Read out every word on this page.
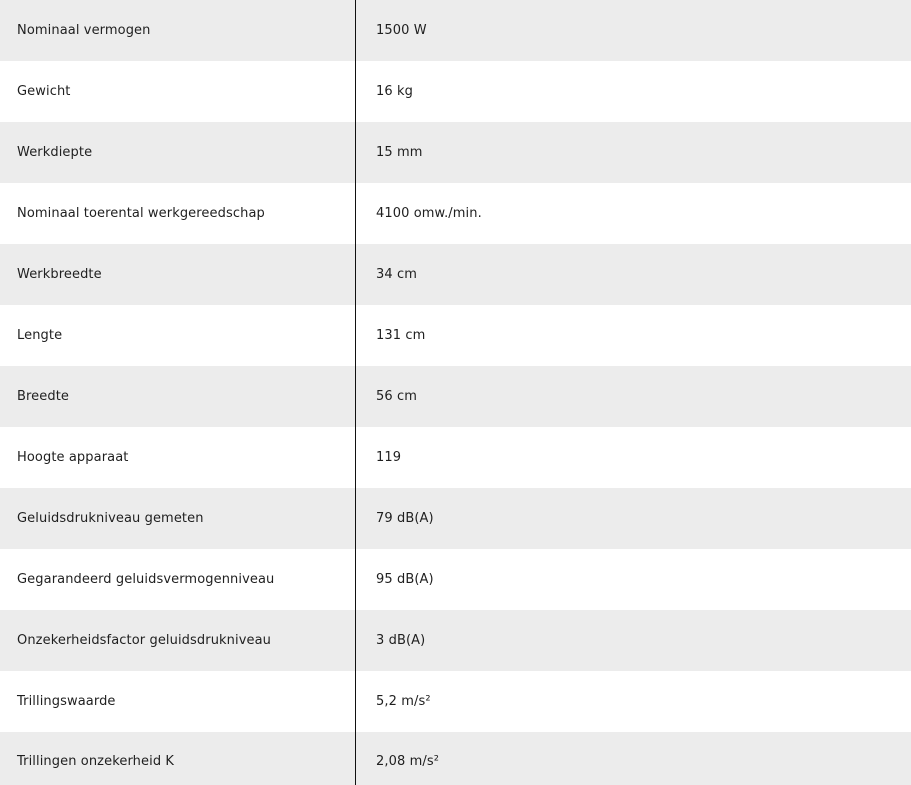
Nominaal vermogen	1500 W
Gewicht	16 kg
Werkdiepte	15 mm
Nominaal toerental werkgereedschap	4100 omw./min.
Werkbreedte	34 cm
Lengte	131 cm
Breedte	56 cm
Hoogte apparaat	119
Geluidsdrukniveau gemeten	79 dB(A)
Gegarandeerd geluidsvermogenniveau	95 dB(A)
Onzekerheidsfactor geluidsdrukniveau	3 dB(A)
Trillingswaarde	5,2 m/s²
Trillingen onzekerheid K	2,08 m/s²
